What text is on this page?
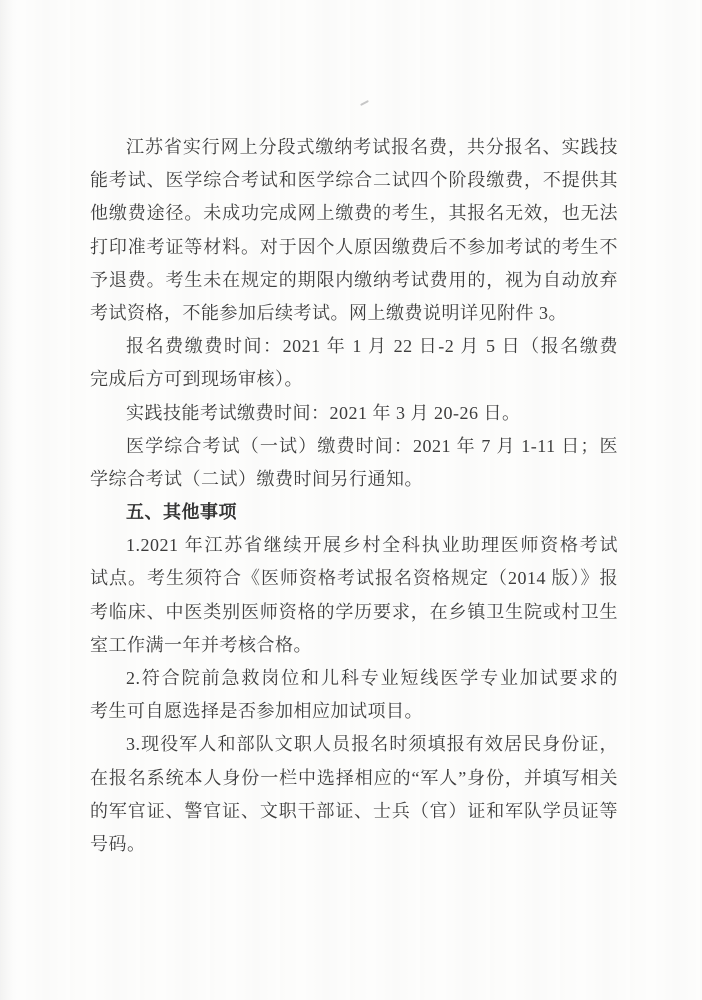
江苏省实行网上分段式缴纳考试报名费，共分报名、实践技
能考试、医学综合考试和医学综合二试四个阶段缴费，不提供其
他缴费途径。未成功完成网上缴费的考生，其报名无效，也无法
打印准考证等材料。对于因个人原因缴费后不参加考试的考生不
予退费。考生未在规定的期限内缴纳考试费用的，视为自动放弃
考试资格，不能参加后续考试。网上缴费说明详见附件 3。
报名费缴费时间：2021 年 1 月 22 日-2 月 5 日（报名缴费
完成后方可到现场审核）。
实践技能考试缴费时间：2021 年 3 月 20-26 日。
医学综合考试（一试）缴费时间：2021 年 7 月 1-11 日；医
学综合考试（二试）缴费时间另行通知。
五、其他事项
1.2021 年江苏省继续开展乡村全科执业助理医师资格考试
试点。考生须符合《医师资格考试报名资格规定（2014 版）》报
考临床、中医类别医师资格的学历要求，在乡镇卫生院或村卫生
室工作满一年并考核合格。
2.符合院前急救岗位和儿科专业短线医学专业加试要求的
考生可自愿选择是否参加相应加试项目。
3.现役军人和部队文职人员报名时须填报有效居民身份证，
在报名系统本人身份一栏中选择相应的“军人”身份，并填写相关
的军官证、警官证、文职干部证、士兵（官）证和军队学员证等
号码。
